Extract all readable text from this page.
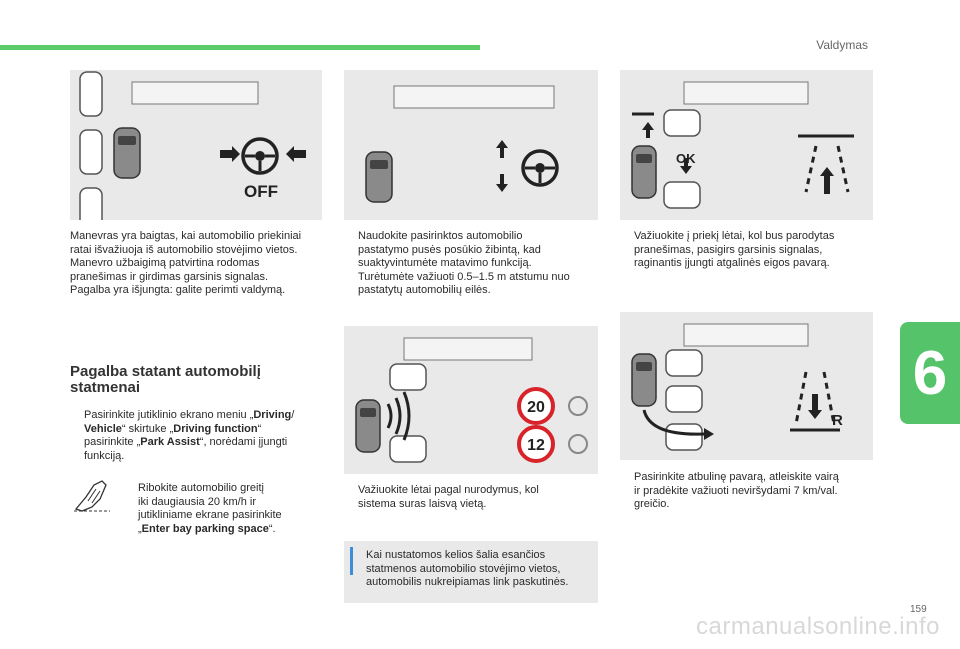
Valdymas
6
OFF
OK
Manevras yra baigtas, kai automobilio priekiniai
ratai išvažiuoja iš automobilio stovėjimo vietos.
Manevro užbaigimą patvirtina rodomas
pranešimas ir girdimas garsinis signalas.
Pagalba yra išjungta: galite perimti valdymą.
Pagalba statant automobilį
statmenai
Pasirinkite jutiklinio ekrano meniu „Driving/
Vehicle“ skirtuke „Driving function“
pasirinkite „Park Assist“, norėdami įjungti
funkciją.
Ribokite automobilio greitį
iki daugiausia 20 km/h ir
jutikliniame ekrane pasirinkite
„Enter bay parking space“.
Naudokite pasirinktos automobilio
pastatymo pusės posūkio žibintą, kad
suaktyvintumėte matavimo funkciją.
Turėtumėte važiuoti 0.5–1.5 m atstumu nuo
pastatytų automobilių eilės.
20
12
Važiuokite lėtai pagal nurodymus, kol
sistema suras laisvą vietą.
Kai nustatomos kelios šalia esančios
statmenos automobilio stovėjimo vietos,
automobilis nukreipiamas link paskutinės.
Važiuokite į priekį lėtai, kol bus parodytas
pranešimas, pasigirs garsinis signalas,
raginantis įjungti atgalinės eigos pavarą.
R
Pasirinkite atbulinę pavarą, atleiskite vairą
ir pradėkite važiuoti neviršydami 7 km/val.
greičio.
159
carmanualsonline.info
